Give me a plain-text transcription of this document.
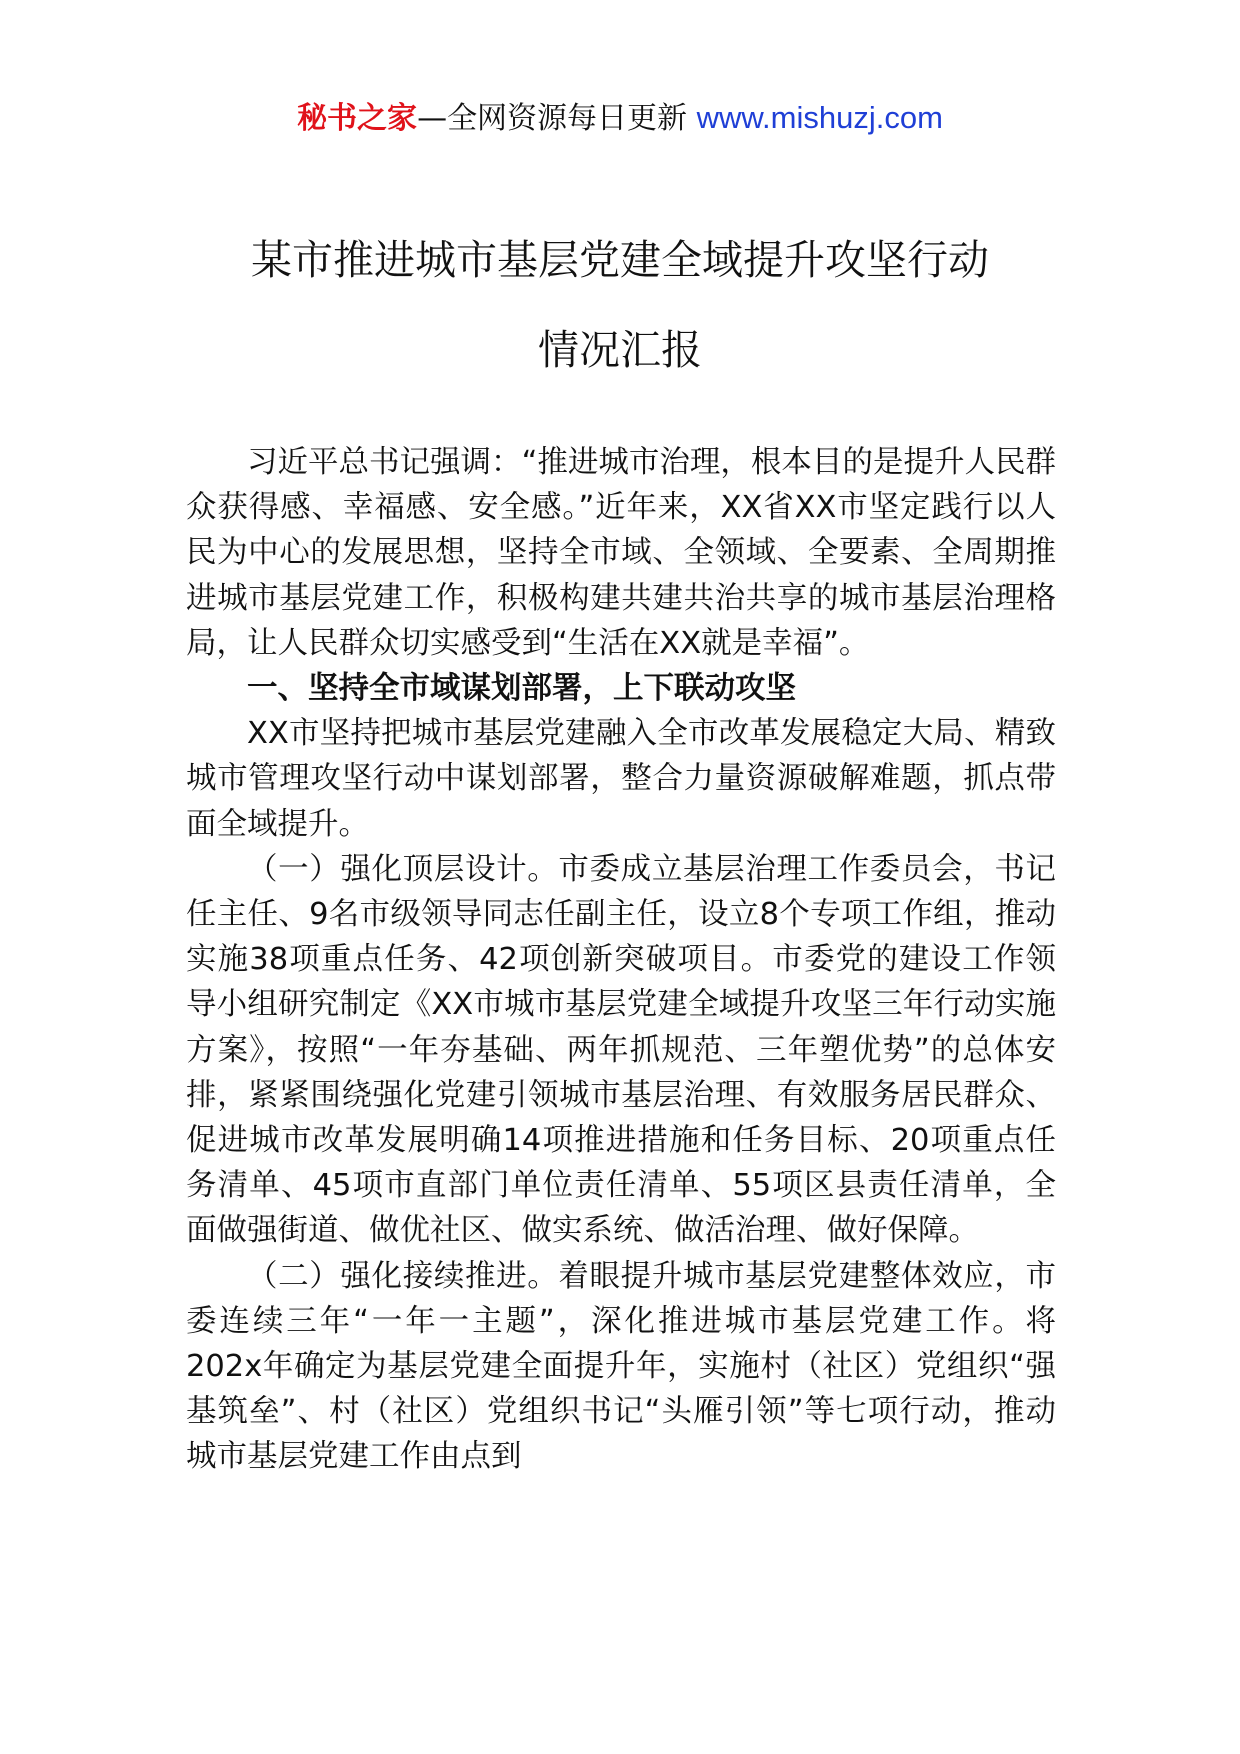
秘书之家—全网资源每日更新 www.mishuzj.com
某市推进城市基层党建全域提升攻坚行动
情况汇报

习近平总书记强调：“推进城市治理，根本目的是提升人民群众获得感、幸福感、安全感。”近年来，XX省XX市坚定践行以人民为中心的发展思想，坚持全市域、全领域、全要素、全周期推进城市基层党建工作，积极构建共建共治共享的城市基层治理格局，让人民群众切实感受到“生活在XX就是幸福”。

一、坚持全市域谋划部署，上下联动攻坚

XX市坚持把城市基层党建融入全市改革发展稳定大局、精致城市管理攻坚行动中谋划部署，整合力量资源破解难题，抓点带面全域提升。

（一）强化顶层设计。市委成立基层治理工作委员会，书记任主任、9名市级领导同志任副主任，设立8个专项工作组，推动实施38项重点任务、42项创新突破项目。市委党的建设工作领导小组研究制定《XX市城市基层党建全域提升攻坚三年行动实施方案》，按照“一年夯基础、两年抓规范、三年塑优势”的总体安排，紧紧围绕强化党建引领城市基层治理、有效服务居民群众、促进城市改革发展明确14项推进措施和任务目标、20项重点任务清单、45项市直部门单位责任清单、55项区县责任清单，全面做强街道、做优社区、做实系统、做活治理、做好保障。

（二）强化接续推进。着眼提升城市基层党建整体效应，市委连续三年“一年一主题”，深化推进城市基层党建工作。将202x年确定为基层党建全面提升年，实施村（社区）党组织“强基筑垒”、村（社区）党组织书记“头雁引领”等七项行动，推动城市基层党建工作由点到
